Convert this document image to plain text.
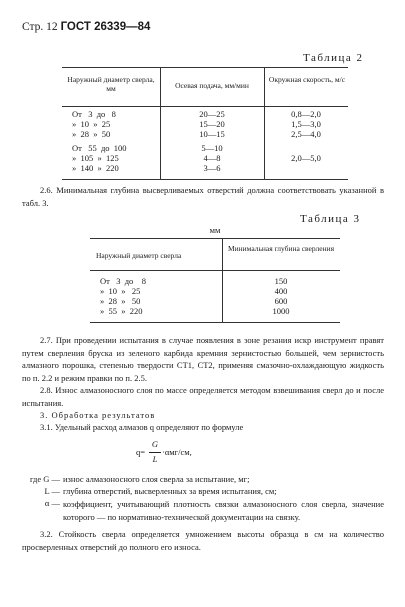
Стр. 12 ГОСТ 26339—84
Таблица 2
Наружный диаметр сверла, мм	Осевая подача, мм/мин
Окружная скорость, м/с
От   3  до   8
»  10  »  25
»  28  »  50
20—25
15—20
10—15
0,8—2,0
1,5—3,0
2,5—4,0
От   55  до  100
»  105  »  125
»  140  »  220
5—10
4—8
3—6
2,0—5,0
2.6. Минимальная глубина высверливаемых отверстий должна соответствовать указанной в табл. 3.
Таблица 3
мм
Наружный диаметр сверла
Минимальная глубина сверления
От   3  до    8
»  10  »   25
»  28  »   50
»  55  »  220
150
400
600
1000
2.7. При проведении испытания в случае появления в зоне резания искр инструмент правят путем сверления бруска из зеленого карбида кремния зернистостью большей, чем зернистость алмазного порошка, степенью твердости СТ1, СТ2, применяя смазочно-охлаждающую жидкость по п. 2.2 и режим правки по п. 2.5.
2.8. Износ алмазоносного слоя по массе определяется методом взвешивания сверл до и после испытания.
3. Обработка результатов
3.1. Удельный расход алмазов q определяют по формуле
q=
G
L
·αмг/см,
где G — износ алмазоносного слоя сверла за испытание, мг;
L — глубина отверстий, высверленных за время испытания, см;
α — коэффициент, учитывающий плотность связки алмазоносного слоя сверла, значение которого — по нормативно-технической документации на связку.
3.2. Стойкость сверла определяется умножением высоты образца в см на количество просверленных отверстий до полного его износа.
